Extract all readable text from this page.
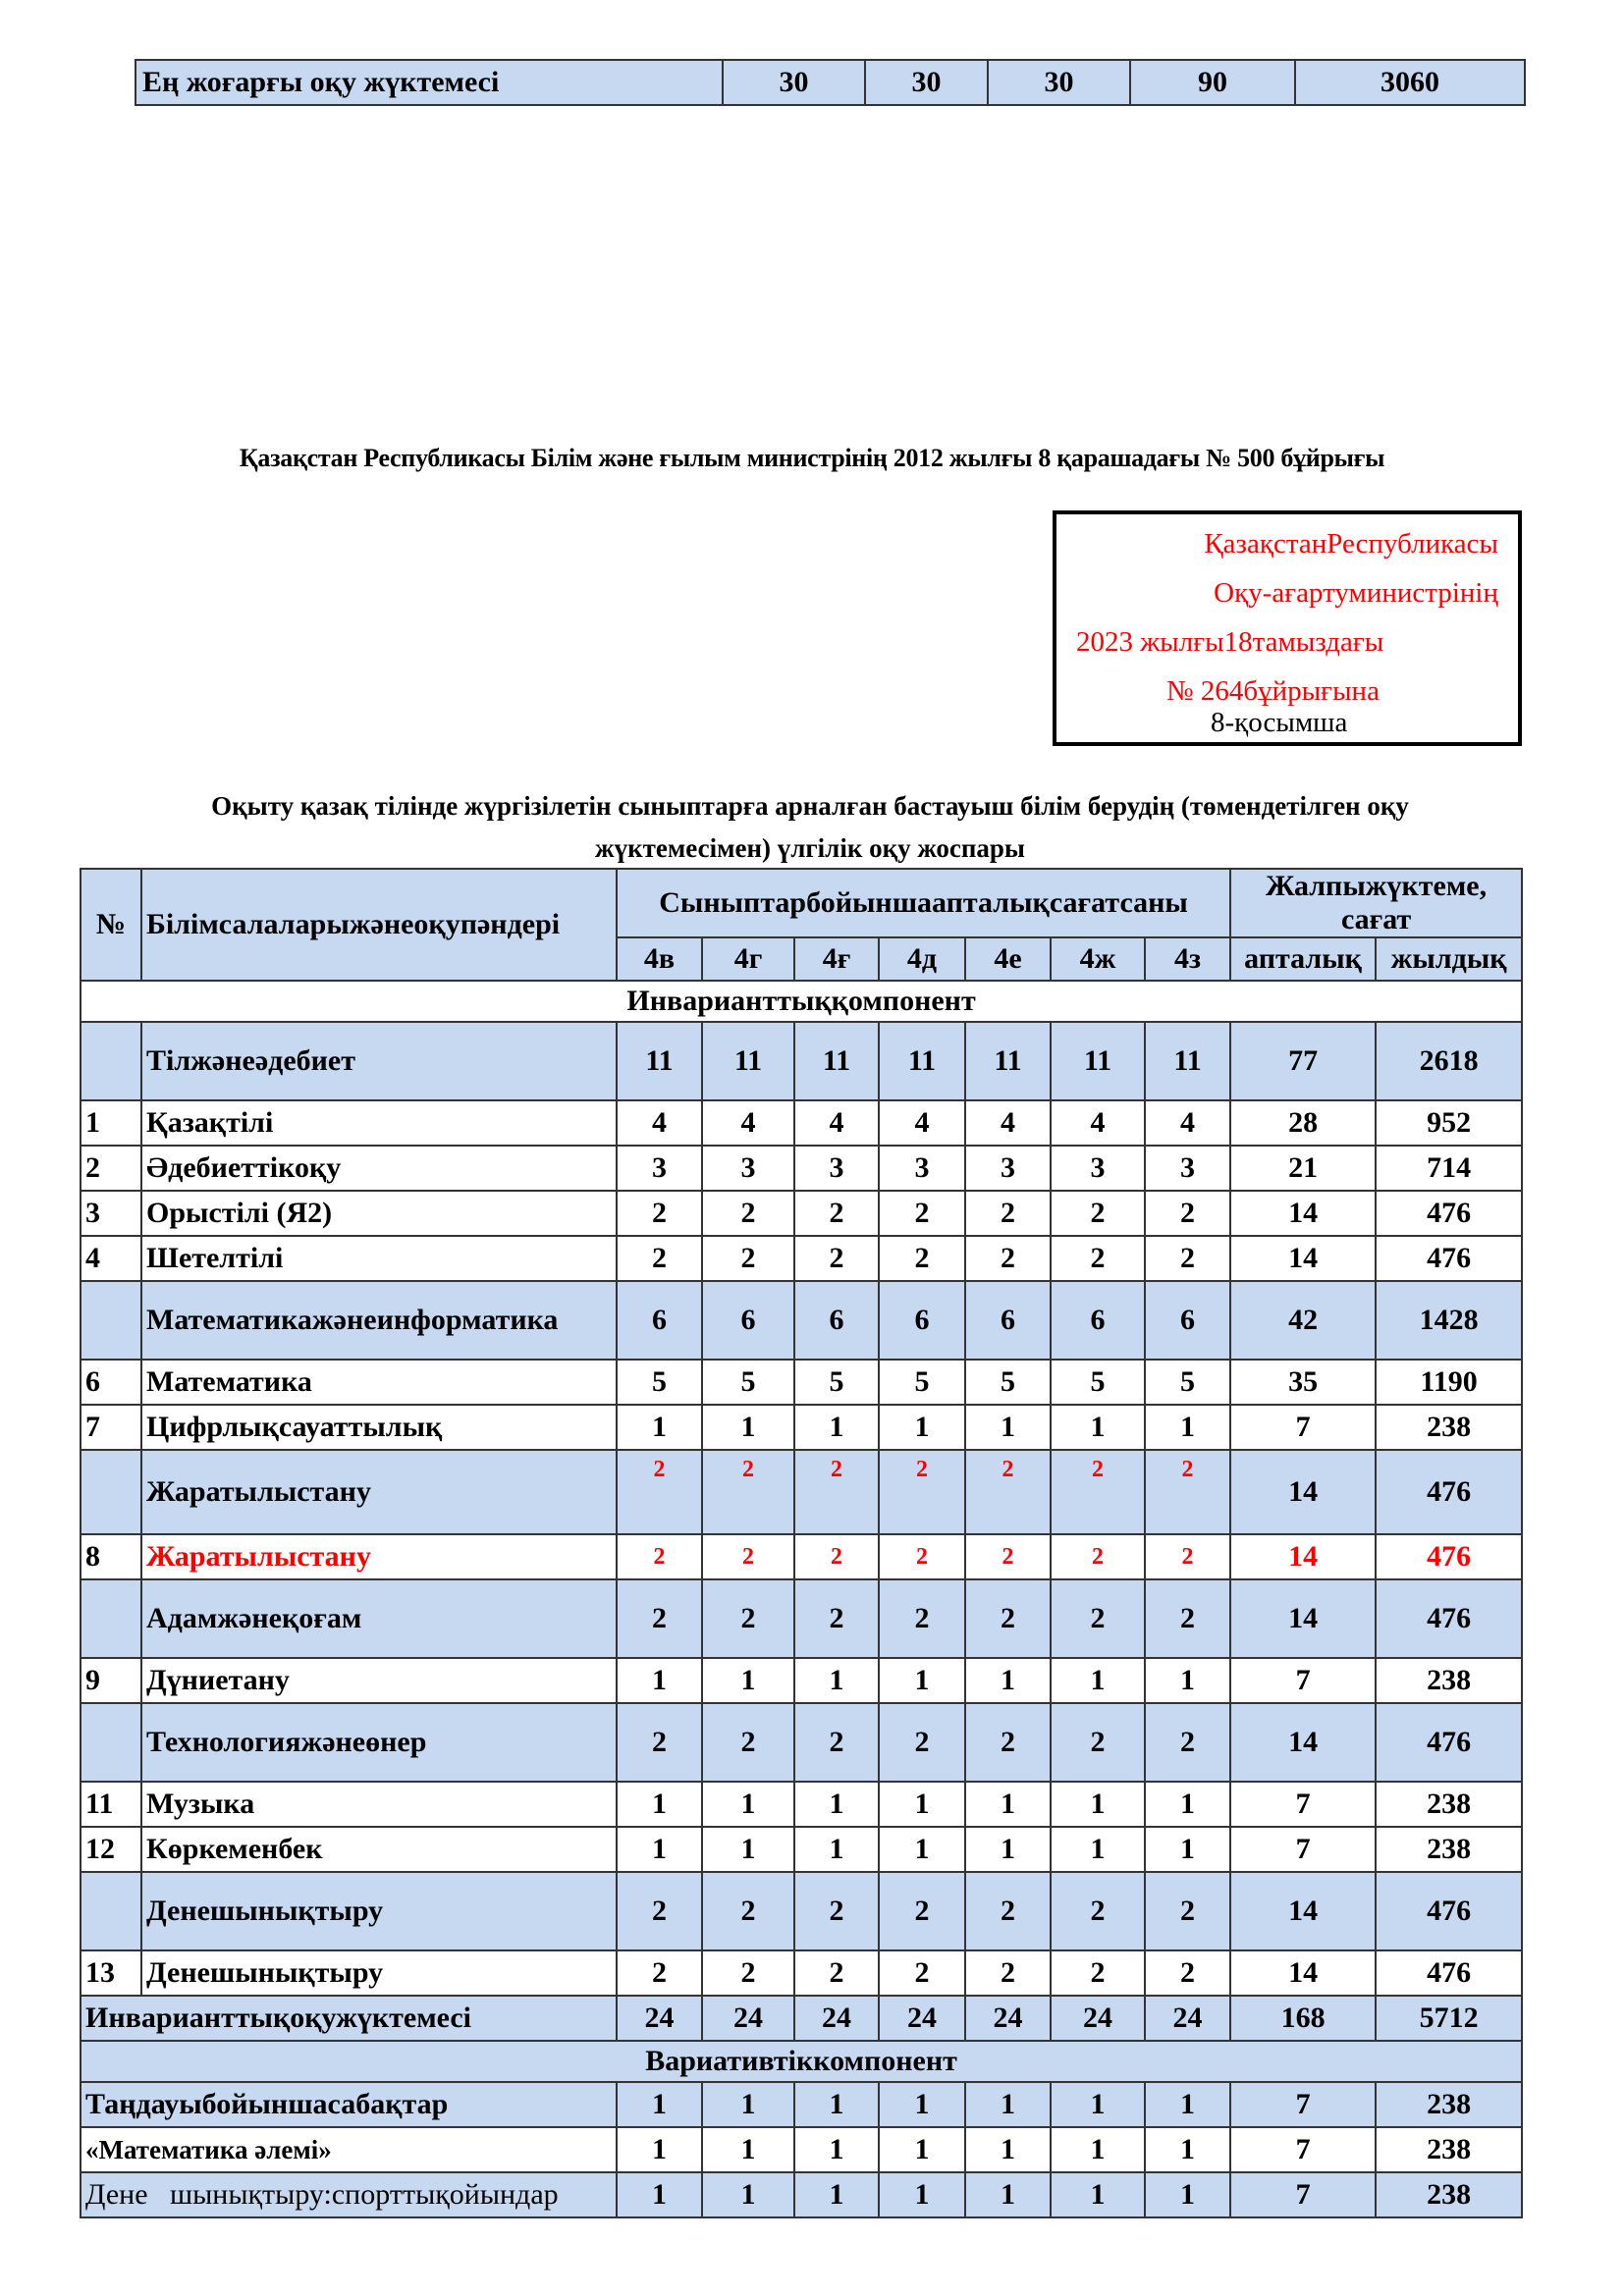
Ең жоғарғы оқу жүктемесі	30	30	30	90	3060
Қазақстан Республикасы Білім және ғылым министрінің 2012 жылғы 8 қарашадағы № 500 бұйрығы
ҚазақстанРеспубликасы
Оқу-ағартуминистрінің
2023 жылғы18тамыздағы
№ 264бұйрығына
8-қосымша
Оқыту қазақ тілінде жүргізілетін сыныптарға арналған бастауыш білім берудің (төмендетілген оқу
жүктемесімен) үлгілік оқу жоспары
№	Білімсалаларыжәнеоқупәндері	Сыныптарбойыншаапталықсағатсаны							Жалпыжүктеме, сағат	
		4в	4г	4ғ	4д	4е	4ж	4з	апталық	жылдық
Инварианттыққомпонент										
	Тілжәнеәдебиет	11	11	11	11	11	11	11	77	2618
1	Қазақтілі	4	4	4	4	4	4	4	28	952
2	Әдебиеттікоқу	3	3	3	3	3	3	3	21	714
3	Орыстілі (Я2)	2	2	2	2	2	2	2	14	476
4	Шетелтілі	2	2	2	2	2	2	2	14	476
	Математикажәнеинформатика	6	6	6	6	6	6	6	42	1428
6	Математика	5	5	5	5	5	5	5	35	1190
7	Цифрлықсауаттылық	1	1	1	1	1	1	1	7	238
	Жаратылыстану	2	2	2	2	2	2	2	14	476
8	Жаратылыстану	2	2	2	2	2	2	2	14	476
	Адамжәнеқоғам	2	2	2	2	2	2	2	14	476
9	Дүниетану	1	1	1	1	1	1	1	7	238
	Технологияжәнеөнер	2	2	2	2	2	2	2	14	476
11	Музыка	1	1	1	1	1	1	1	7	238
12	Көркеменбек	1	1	1	1	1	1	1	7	238
	Денешынықтыру	2	2	2	2	2	2	2	14	476
13	Денешынықтыру	2	2	2	2	2	2	2	14	476
Инварианттықоқужүктемесі		24	24	24	24	24	24	24	168	5712
Вариативтіккомпонент										
Таңдауыбойыншасабақтар		1	1	1	1	1	1	1	7	238
«Математика әлемі»		1	1	1	1	1	1	1	7	238
Дене   шынықтыру:спорттықойындар		1	1	1	1	1	1	1	7	238
